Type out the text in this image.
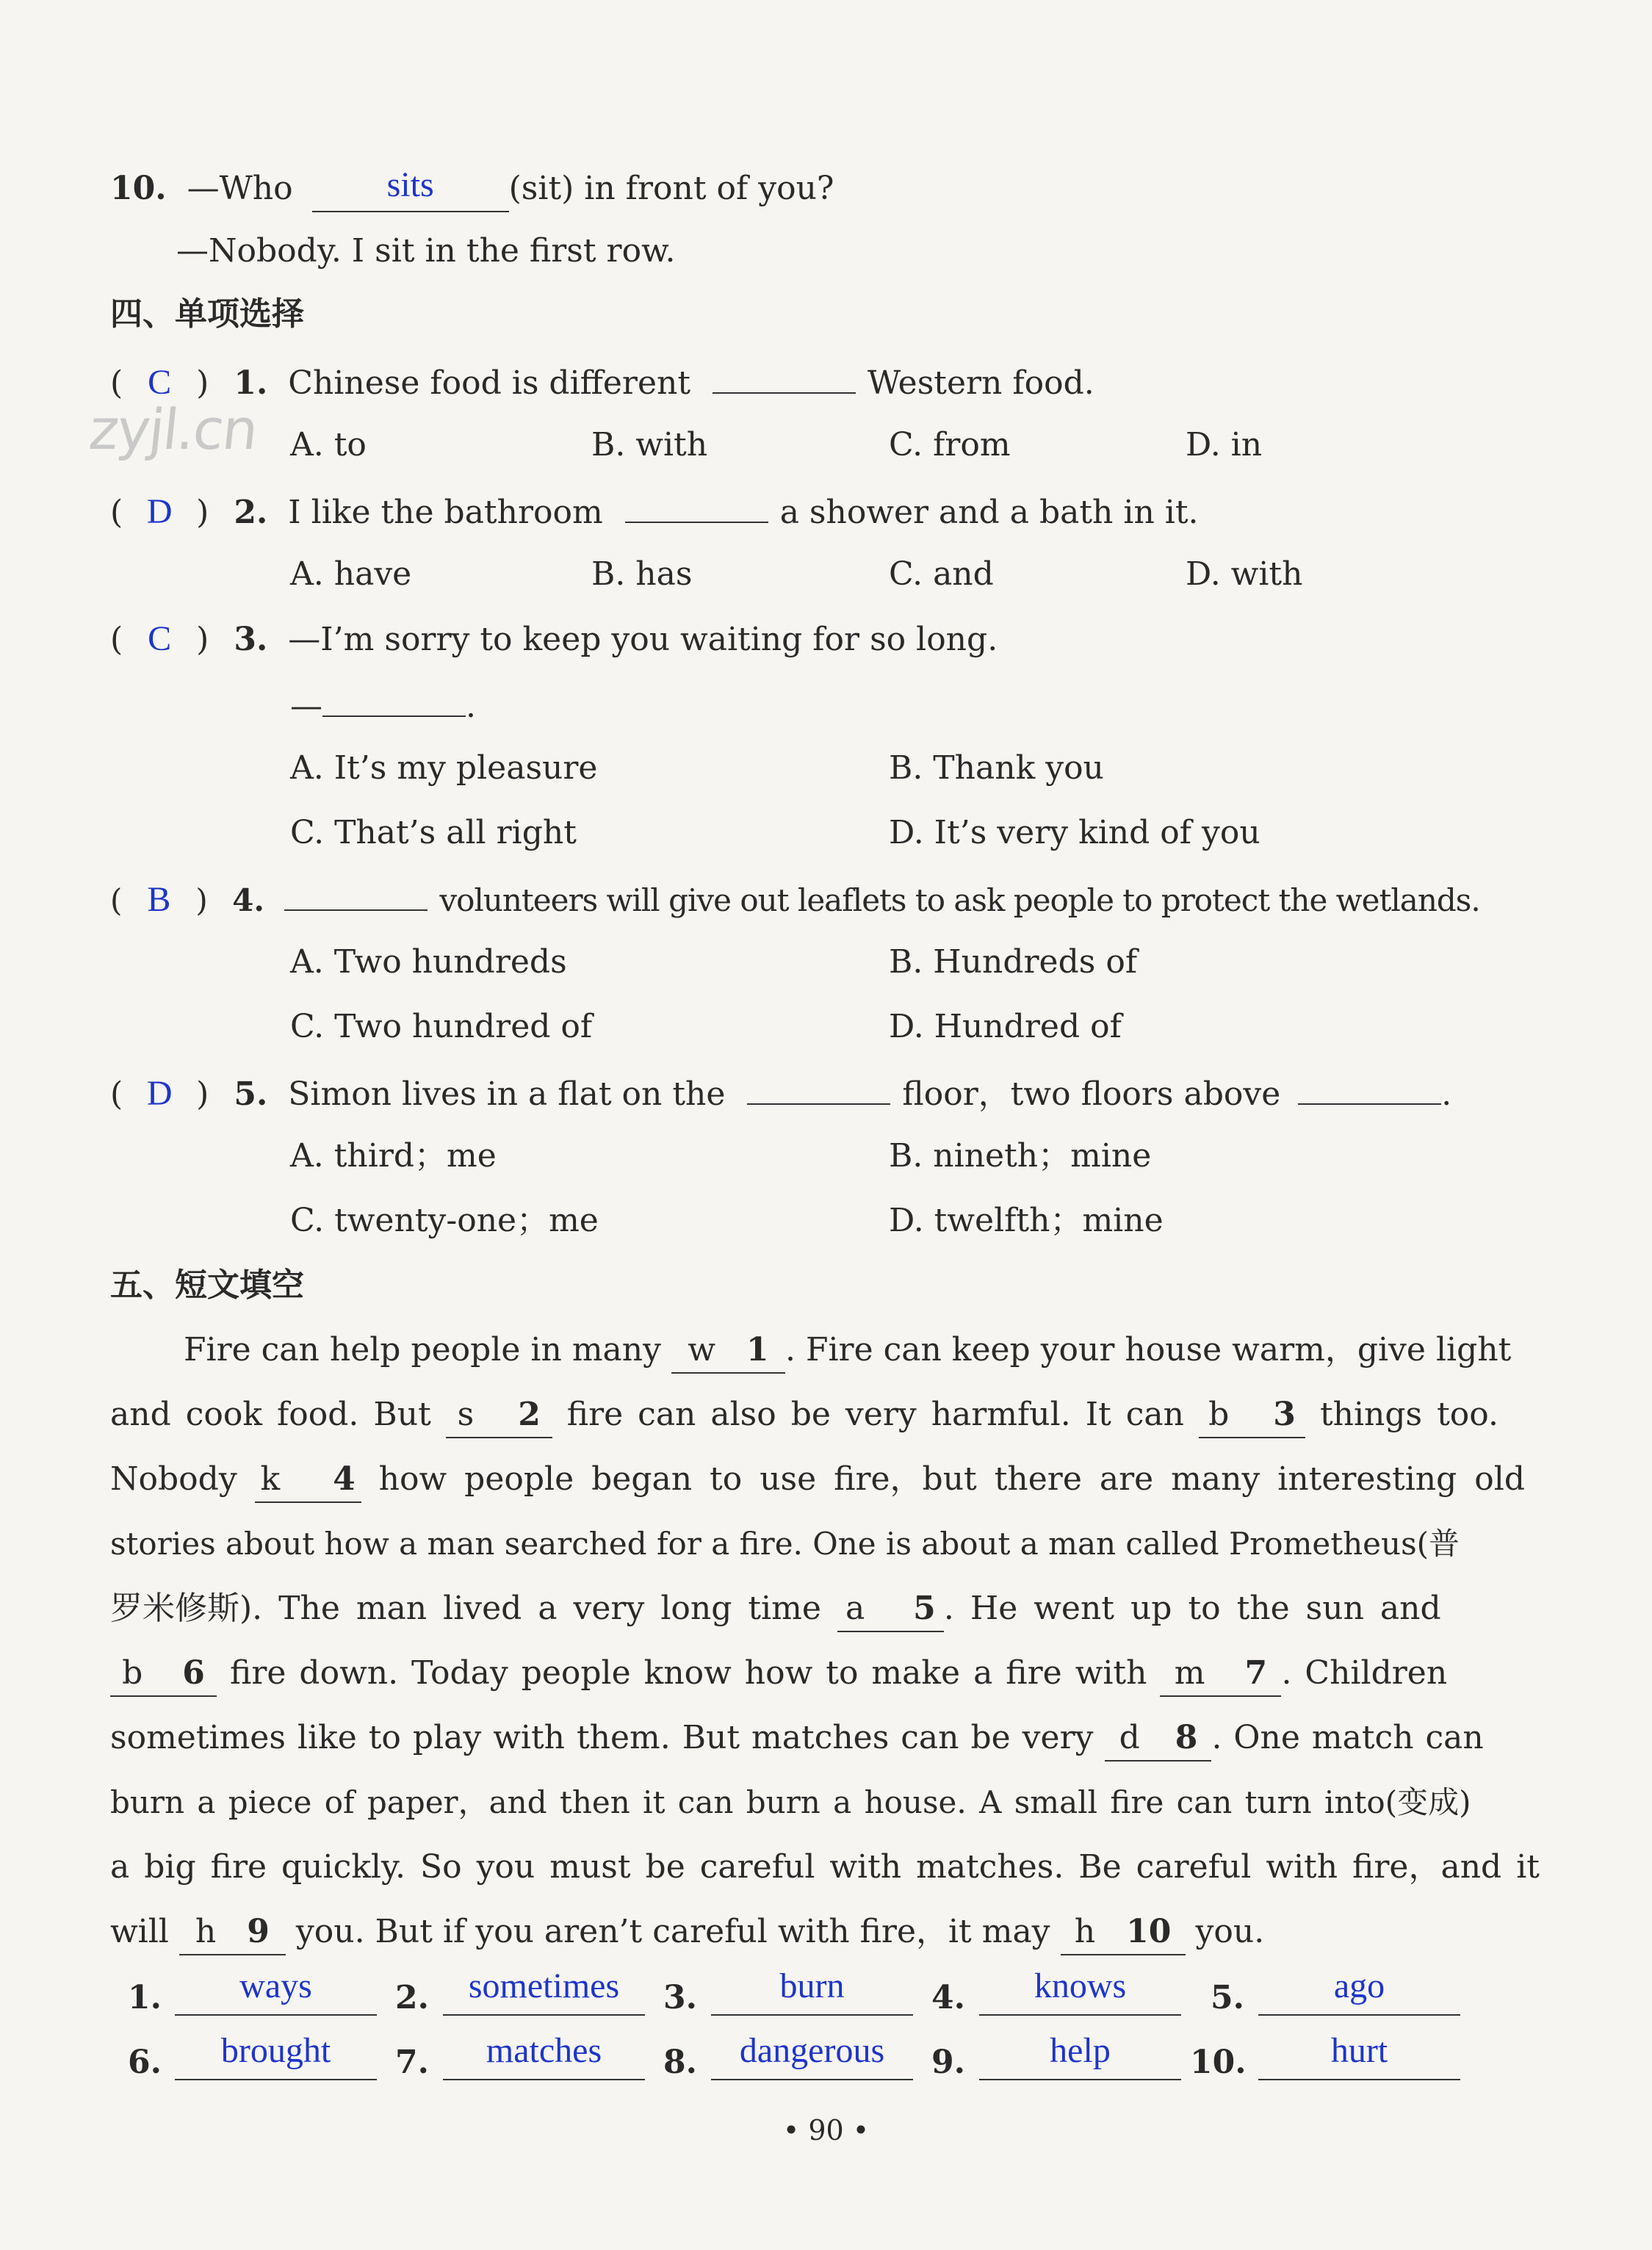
zyjl.cn
10. —Who	sits (sit) in front of you?
—Nobody. I sit in the first row.
四、单项选择
( C ) 1. Chinese food is different	Western food.
A. to	B. with	C. from	D. in
( D ) 2. I like the bathroom	a shower and a bath in it.
A. have	B. has	C. and	D. with
( C ) 3. —I’m sorry to keep you waiting for so long.
—	.
A. It’s my pleasure	B. Thank you
C. That’s all right	D. It’s very kind of you
( B ) 4.	volunteers will give out leaflets to ask people to protect the wetlands.
A. Two hundreds	B. Hundreds of
C. Two hundred of	D. Hundred of
( D ) 5. Simon lives in a flat on the	floor，two floors above	.
A. third；me	B. nineth；mine
C. twenty-one；me	D. twelfth；mine
五、短文填空
Fire can help people in many w 1 . Fire can keep your house warm，give light
and cook food. But s 2 fire can also be very harmful. It can b 3 things too.
Nobody k 4 how people began to use fire，but there are many interesting old
stories about how a man searched for a fire. One is about a man called Prometheus(普
罗米修斯). The man lived a very long time a 5 . He went up to the sun and
b 6 fire down. Today people know how to make a fire with m 7 . Children
sometimes like to play with them. But matches can be very d 8 . One match can
burn a piece of paper，and then it can burn a house. A small fire can turn into(变成)
a big fire quickly. So you must be careful with matches. Be careful with fire，and it
will h 9 you. But if you aren’t careful with fire，it may h 10 you.
1.	ways	2.	sometimes	3.	burn	4.	knows	5.	ago
6.	brought	7.	matches	8.	dangerous	9.	help	10.	hurt
• 90 •
